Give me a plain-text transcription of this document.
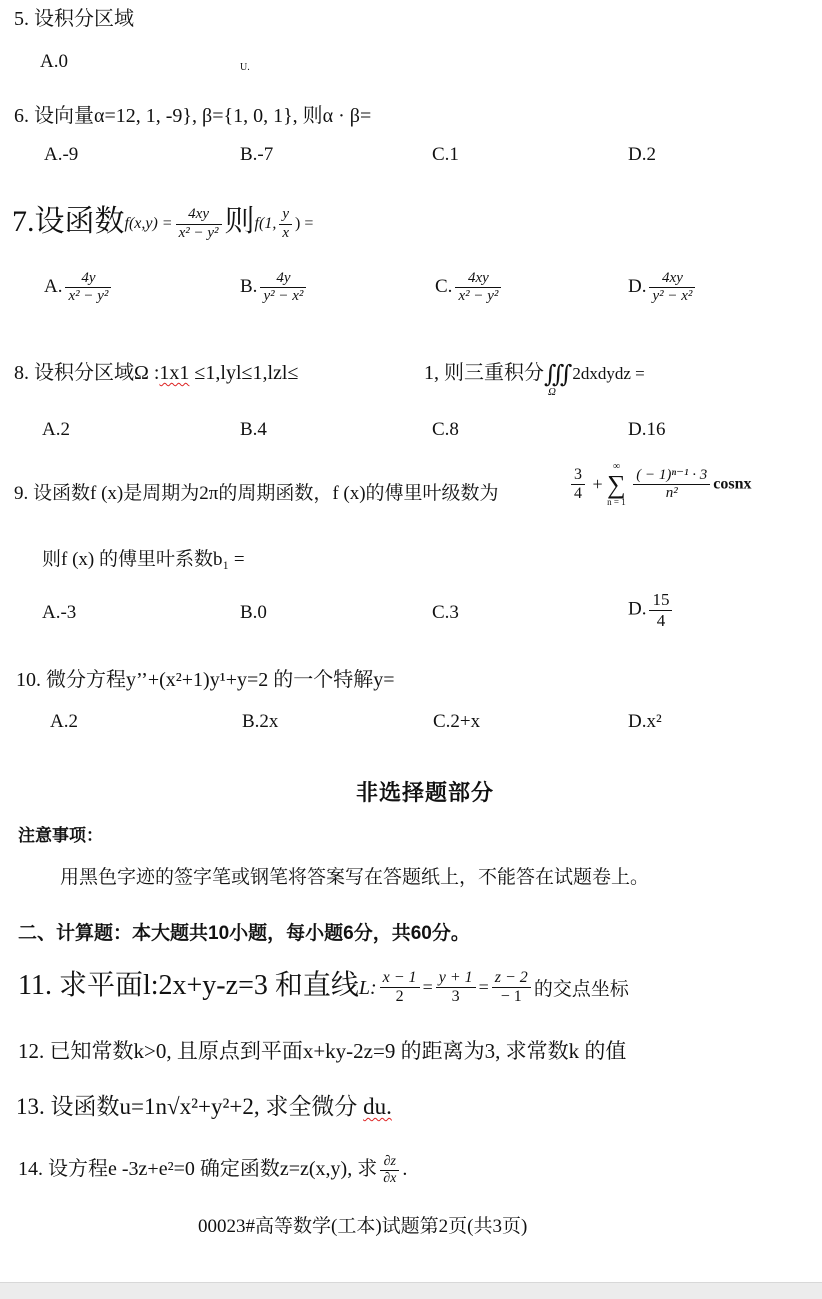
5. 设积分区域
A.0	U.
6. 设向量α=12, 1, -9}, β={1, 0, 1}, 则α · β=
A.-9	B.-7	C.1	D.2
7.设函数$f(x,y) = \frac{4xy}{\text{x² − y²}}$ 则f(1, $\frac{y}{x}$ ) =
A. $\frac{4y}{\text{x² − y²}}$	B. $\frac{4y}{\text{y² − x²}}$	C. $\frac{4xy}{\text{x² − y²}}$	D. $\frac{4xy}{\text{y² − x²}}$
8. 设积分区域Ω :1x1 ≤1,lyl≤1,lzl≤	1, 则三重积分∭
Ω
2dxdydz =
A.2	B.4	C.8	D.16
9. 设函数f (x)是周期为2π的周期函数，f (x)的傅里叶级数为	$\frac{3}{4}$ +
∞
∑
n = 1
$\frac{\text{( − 1)ⁿ⁻¹ · 3}}{\text{n²}}$ cosnx
则f (x) 的傅里叶系数b₁ =
A.-3	B.0	C.3	D. $\frac{15}{4}$
10. 微分方程y’’+(x²+1)y¹+y=2 的一个特解y=
A.2	B.2x	C.2+x	D.x²
非选择题部分
注意事项：
用黑色字迹的签字笔或钢笔将答案写在答题纸上，不能答在试题卷上。
二、计算题：本大题共10小题，每小题6分，共60分。
11. 求平面l:2x+y-z=3 和直线L: $\frac{x - 1}{2} = \frac{y + 1}{3} = \frac{z - 2}{- 1}$ 的交点坐标
12. 已知常数k>0, 且原点到平面x+ky-2z=9 的距离为3, 求常数k 的值
13. 设函数u=1n√x²+y²+2, 求全微分 du.
14. 设方程e -3z+e²=0 确定函数z=z(x,y), 求 $\frac{\partial z}{\partial x}$ .
00023#高等数学(工本)试题第2页(共3页)
